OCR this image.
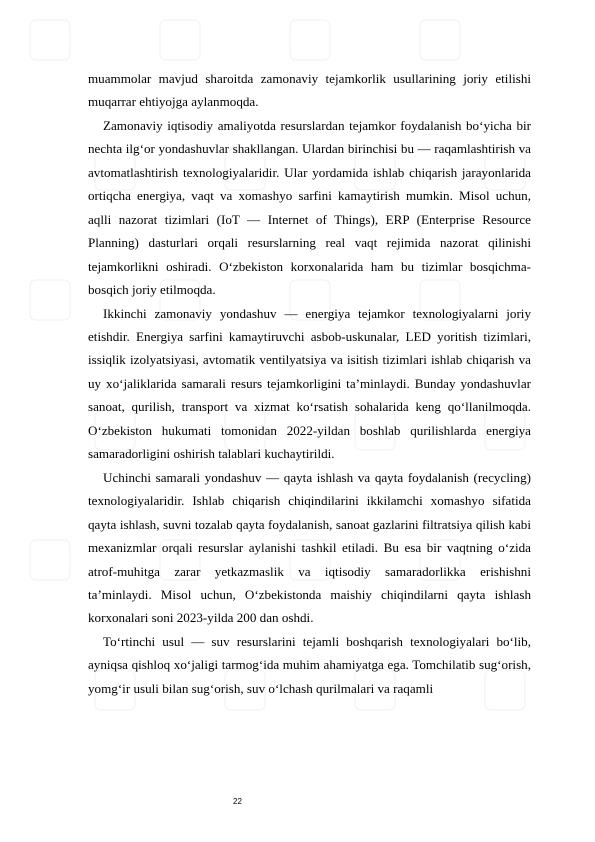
muammolar mavjud sharoitda zamonaviy tejamkorlik usullarining joriy etilishi muqarrar ehtiyojga aylanmoqda.

Zamonaviy iqtisodiy amaliyotda resurslardan tejamkor foydalanish bo‘yicha bir nechta ilg‘or yondashuvlar shakllangan. Ulardan birinchisi bu — raqamlashtirish va avtomatlashtirish texnologiyalaridir. Ular yordamida ishlab chiqarish jarayonlarida ortiqcha energiya, vaqt va xomashyo sarfini kamaytirish mumkin. Misol uchun, aqlli nazorat tizimlari (IoT — Internet of Things), ERP (Enterprise Resource Planning) dasturlari orqali resurslarning real vaqt rejimida nazorat qilinishi tejamkorlikni oshiradi. O‘zbekiston korxonalarida ham bu tizimlar bosqichma-bosqich joriy etilmoqda.

Ikkinchi zamonaviy yondashuv — energiya tejamkor texnologiyalarni joriy etishdir. Energiya sarfini kamaytiruvchi asbob-uskunalar, LED yoritish tizimlari, issiqlik izolyatsiyasi, avtomatik ventilyatsiya va isitish tizimlari ishlab chiqarish va uy xo‘jaliklarida samarali resurs tejamkorligini ta’minlaydi. Bunday yondashuvlar sanoat, qurilish, transport va xizmat ko‘rsatish sohalarida keng qo‘llanilmoqda. O‘zbekiston hukumati tomonidan 2022-yildan boshlab qurilishlarda energiya samaradorligini oshirish talablari kuchaytirildi.

Uchinchi samarali yondashuv — qayta ishlash va qayta foydalanish (recycling) texnologiyalaridir. Ishlab chiqarish chiqindilarini ikkilamchi xomashyo sifatida qayta ishlash, suvni tozalab qayta foydalanish, sanoat gazlarini filtratsiya qilish kabi mexanizmlar orqali resurslar aylanishi tashkil etiladi. Bu esa bir vaqtning o‘zida atrof-muhitga zarar yetkazmaslik va iqtisodiy samaradorlikka erishishni ta’minlaydi. Misol uchun, O‘zbekistonda maishiy chiqindilarni qayta ishlash korxonalari soni 2023-yilda 200 dan oshdi.

To‘rtinchi usul — suv resurslarini tejamli boshqarish texnologiyalari bo‘lib, ayniqsa qishloq xo‘jaligi tarmog‘ida muhim ahamiyatga ega. Tomchilatib sug‘orish, yomg‘ir usuli bilan sug‘orish, suv o‘lchash qurilmalari va raqamli

22
